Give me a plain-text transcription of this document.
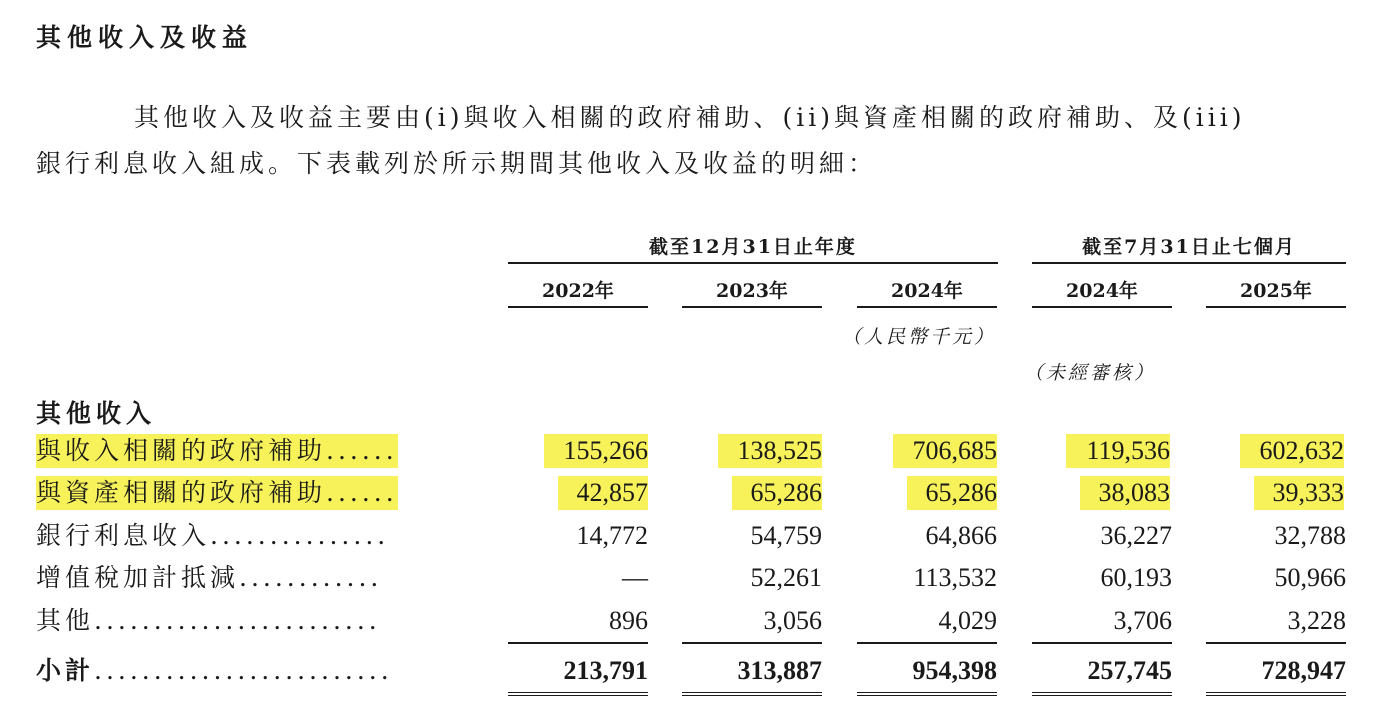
其他收入及收益
其他收入及收益主要由(i)與收入相關的政府補助、(ii)與資產相關的政府補助、及(iii)
銀行利息收入組成。下表載列於所示期間其他收入及收益的明細：
截至12月31日止年度	截至7月31日止七個月
2022年	2023年	2024年	2024年	2025年
（人民幣千元）
（未經審核）
其他收入
與收入相關的政府補助......	155,266	138,525	706,685	119,536	602,632
與資產相關的政府補助......	42,857	65,286	65,286	38,083	39,333
銀行利息收入...............	14,772	54,759	64,866	36,227	32,788
增值稅加計抵減............	—	52,261	113,532	60,193	50,966
其他........................	896	3,056	4,029	3,706	3,228
小計.........................	213,791	313,887	954,398	257,745	728,947
